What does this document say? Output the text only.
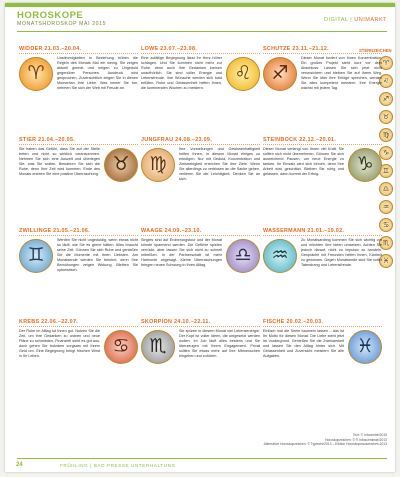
HOROSKOPE
MONATSHOROSKOP MAI 2015
DIGITAL | UNIMARKT
STERNZEICHEN
♈
♌
♐
♉
♍
♑
♊
♎
♒
♋
♏
♓
WIDDER 21.03.–20.04.
♈
Unstimmigkeiten in Beziehung trüben die Regeln des Monats Mai ein wenig. Sie zeigen aktuell gereizt und neigen zu Ungeduld gegenüber Personen. Ausdruck wird gesprochen. Zuversichtlich zeigen Sie in diesen Momentan Ihre Liebe. Was immer Sie tun, nehmen Sie sich der Welt mit Freude an.
LÖWE 23.07.–23.08.
♌
Eine zufällige Begegnung lässt Ihr Herz höher schlagen. Und Sie kommen nicht mehr zur Ruhe, denn auch Ihre Gedanken kreisen unaufhörlich. Sie sind voller Energie und Lebensfreude, Ihre Wünsche werden sich bald erfüllen. Ruhe und Gelassenheit helfen Ihnen, die kommenden Wochen zu meistern.
SCHÜTZE 23.11.–21.12.
♐
Dieser Monat fordert von Ihnen Konzentration. Ein großes Projekt steht kurz vor dem Abschluss. Lassen Sie sich jetzt nicht verunsichern und bleiben Sie auf Ihrem Weg. Wenn Sie über Ihre Erfolge sprechen, werden Sie alles kompetent meistern. Ihre Energie wächst mit jedem Tag.
STIER 21.04.–20.05.
♉
Sie haben das Gefühl, dass Sie auf der Stelle treten und nicht so wirklich vorankommen. Nehmen Sie sich eine Auszeit und überlegen Sie, was Sie wollen. Bewahren Sie sich die Ruhe, denn Ihre Zeit wird kommen. Ende des Monats erleben Sie eine positive Überraschung.
JUNGFRAU 24.08.–23.09.
♍
Ihre Vorstellungen und Gewissenhaftigkeit helfen Ihnen, in diesem Monat einiges zu erledigen. Nur mit Geduld, Konzentration und Zielstrebigkeit erreichen Sie Ihre Ziele. Wenn Sie allerdings zu verbissen an die Sache gehen, verlieren Sie die Leichtigkeit. Denken Sie an sich.
STEINBOCK 22.12.–20.01.
♑
Dieser Monat verlangt von Ihnen viel Kraft. Sie sollten sich nicht übernehmen. Gönnen Sie sich ausreichend Pausen, um neue Energie zu tanken. Ihr Einsatz wird sich lohnen, denn Ihre Arbeit wird geschätzt. Bleiben Sie ruhig und gelassen, dann kommt der Erfolg.
ZWILLINGE 21.05.–21.06.
♊
Werden Sie nicht ungeduldig, wenn etwas nicht so läuft, wie Sie es gerne hätten. Alles braucht seine Zeit. Gönnen Sie sich Ruhe und genießen Sie die Momente mit Ihren Liebsten. Am Monatsende werden Sie belohnt, denn Ihre Bemühungen zeigen Wirkung. Bleiben Sie optimistisch.
WAAGE 24.09.–23.10.
♎
Singles sind auf Eroberungstour und der Monat könnte spannend werden. Die Gefühle spielen verrückt, aber lassen Sie sich nicht zu schnell mitreißen. In der Partnerschaft ist mehr Harmonie angesagt. Kleine Überraschungen bringen neuen Schwung in Ihren Alltag.
WASSERMANN 21.01.–19.02.
♒
Zu Monatsanfang kommen Sie sich wichtig vor und möchten Ihre Ideen umsetzen. Achten Sie jedoch darauf, nicht zu impulsiv zu handeln. Gespräche mit Freunden helfen Ihnen, Klarheit zu gewinnen. Gegen Monatsende sind Sie voller Tatendrang und Lebensfreude.
KREBS 22.06.–22.07.
♋
Der Ruhe im Alltag tut Ihnen gut. Nutzen Sie die Zeit, um Ihre Gedanken zu ordnen und neue Pläne zu schmieden. Finanziell sieht es gut aus, doch gehen Sie trotzdem sorgsam mit Ihrem Geld um. Eine Begegnung bringt frischen Wind in Ihr Leben.
SKORPION 24.10.–22.11.
♏
Sie spüren in diesem Monat viel Lebensenergie. Der Kopf ist voller Ideen, die umgesetzt werden wollen. Im Job läuft alles bestens und Sie überzeugen mit Ihrem Engagement. Privat sollten Sie etwas mehr auf Ihre Mitmenschen eingehen und zuhören.
FISCHE 20.02.–20.03.
♓
Einfach mal die Seele baumeln lassen – das ist Ihr Motto für diesen Monat. Die Liebe steht jetzt im Vordergrund. Genießen Sie die Zweisamkeit und lassen Sie den Alltag hinter sich. Mit Gelassenheit und Zuversicht meistern Sie alle Aufgaben.
Text: © Infocentre/2015
Horoskopzeichen: © ® Infoschmiede/2013
Alternative Horoskopzeichen: © Typtecht/2013 – Edition Horoskopeauszeichen.2013
24	FRÜHLING | BAD PRESSE UNTERHALTUNG
